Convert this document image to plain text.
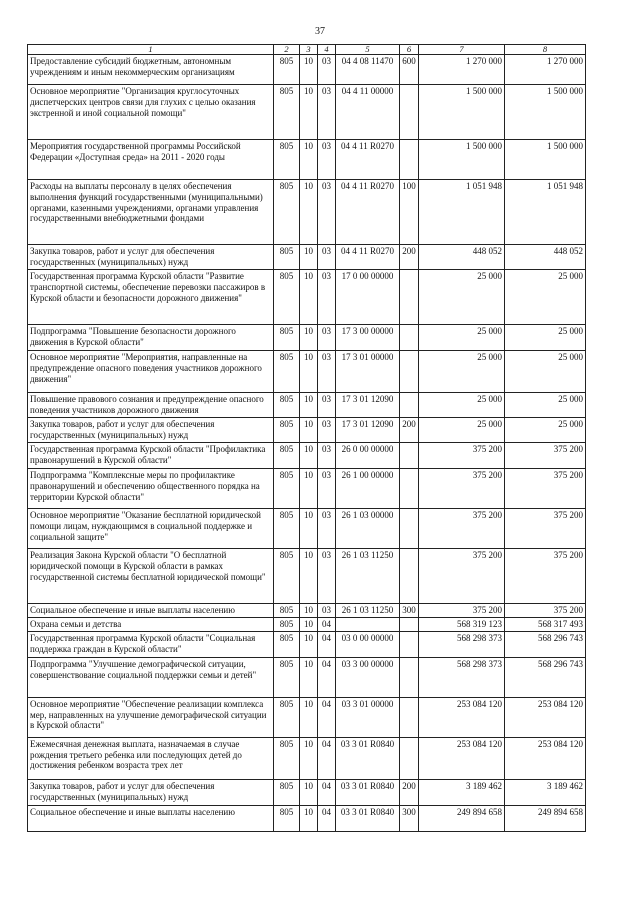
37
1	2	3	4	5	6	7	8
Предоставление субсидий бюджетным, автономным учреждениям и иным некоммерческим организациям	805	10	03	04 4 08 11470	600	1 270 000	1 270 000
Основное мероприятие "Организация круглосуточных диспетчерских центров связи для глухих с целью оказания экстренной и иной социальной помощи"	805	10	03	04 4 11 00000		1 500 000	1 500 000
Мероприятия государственной программы Российской Федерации «Доступная среда» на 2011 - 2020 годы	805	10	03	04 4 11 R0270		1 500 000	1 500 000
Расходы на выплаты персоналу в целях обеспечения выполнения функций государственными (муниципальными) органами, казенными учреждениями, органами управления государственными внебюджетными фондами	805	10	03	04 4 11 R0270	100	1 051 948	1 051 948
Закупка товаров, работ и услуг для обеспечения государственных (муниципальных) нужд	805	10	03	04 4 11 R0270	200	448 052	448 052
Государственная программа Курской области "Развитие транспортной системы, обеспечение перевозки пассажиров в Курской области и безопасности дорожного движения"	805	10	03	17 0 00 00000		25 000	25 000
Подпрограмма "Повышение безопасности дорожного движения в Курской области"	805	10	03	17 3 00 00000		25 000	25 000
Основное мероприятие "Мероприятия, направленные на предупреждение опасного поведения участников дорожного движения"	805	10	03	17 3 01 00000		25 000	25 000
Повышение правового сознания и предупреждение опасного поведения участников дорожного движения	805	10	03	17 3 01 12090		25 000	25 000
Закупка товаров, работ и услуг для обеспечения государственных (муниципальных) нужд	805	10	03	17 3 01 12090	200	25 000	25 000
Государственная программа Курской области "Профилактика правонарушений в Курской области"	805	10	03	26 0 00 00000		375 200	375 200
Подпрограмма "Комплексные меры по профилактике правонарушений и обеспечению общественного порядка на территории Курской области"	805	10	03	26 1 00 00000		375 200	375 200
Основное мероприятие "Оказание бесплатной юридической помощи лицам, нуждающимся в социальной поддержке и социальной защите"	805	10	03	26 1 03 00000		375 200	375 200
Реализация Закона Курской области "О бесплатной юридической помощи в Курской области в рамках государственной системы бесплатной юридической помощи"	805	10	03	26 1 03 11250		375 200	375 200
Социальное обеспечение и иные выплаты населению	805	10	03	26 1 03 11250	300	375 200	375 200
Охрана семьи и детства	805	10	04			568 319 123	568 317 493
Государственная программа Курской области "Социальная поддержка граждан в Курской области"	805	10	04	03 0 00 00000		568 298 373	568 296 743
Подпрограмма "Улучшение демографической ситуации, совершенствование социальной поддержки семьи и детей"	805	10	04	03 3 00 00000		568 298 373	568 296 743
Основное мероприятие "Обеспечение реализации комплекса мер, направленных на улучшение демографической ситуации в Курской области"	805	10	04	03 3 01 00000		253 084 120	253 084 120
Ежемесячная денежная выплата, назначаемая в случае рождения третьего ребенка или последующих детей до достижения ребенком возраста трех лет	805	10	04	03 3 01 R0840		253 084 120	253 084 120
Закупка товаров, работ и услуг для обеспечения государственных (муниципальных) нужд	805	10	04	03 3 01 R0840	200	3 189 462	3 189 462
Социальное обеспечение и иные выплаты населению	805	10	04	03 3 01 R0840	300	249 894 658	249 894 658
